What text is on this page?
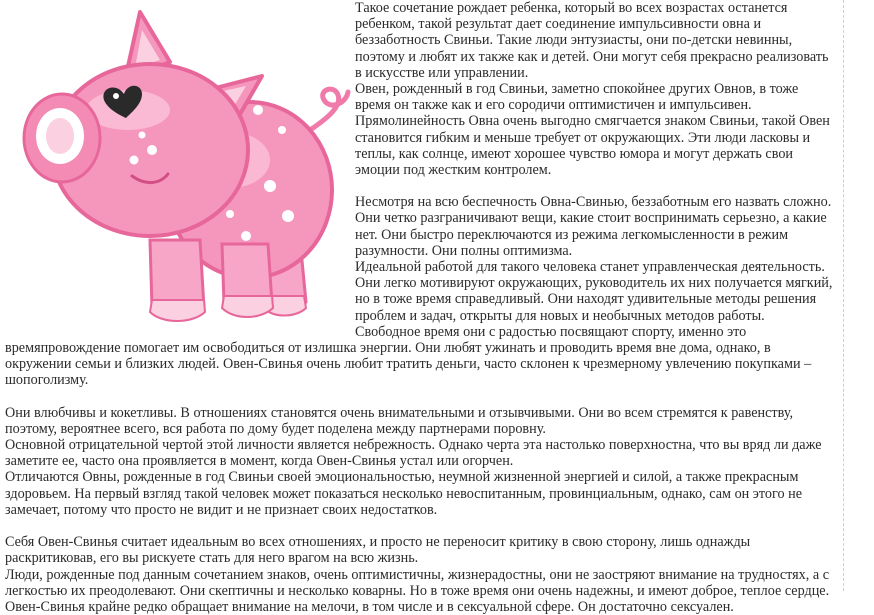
Такое сочетание рождает ребенка, который во всех возрастах останется ребенком, такой результат дает соединение импульсивности овна и беззаботность Свиньи. Такие люди энтузиасты, они по-детски невинны, поэтому и любят их также как и детей. Они могут себя прекрасно реализовать в искусстве или управлении.

Овен, рожденный в год Свиньи, заметно спокойнее других Овнов, в тоже время он также как и его сородичи оптимистичен и импульсивен.

Прямолинейность Овна очень выгодно смягчается знаком Свиньи, такой Овен становится гибким и меньше требует от окружающих. Эти люди ласковы и теплы, как солнце, имеют хорошее чувство юмора и могут держать свои эмоции под жестким контролем.

Несмотря на всю беспечность Овна-Свинью, беззаботным его назвать сложно. Они четко разграничивают вещи, какие стоит воспринимать серьезно, а какие нет. Они быстро переключаются из режима легкомысленности в режим разумности. Они полны оптимизма.

Идеальной работой для такого человека станет управленческая деятельность. Они легко мотивируют окружающих, руководитель их них получается мягкий, но в тоже время справедливый. Они находят удивительные методы решения проблем и задач, открыты для новых и необычных методов работы.

Свободное время они с радостью посвящают спорту, именно это времяпровождение помогает им освободиться от излишка энергии. Они любят ужинать и проводить время вне дома, однако, в окружении семьи и близких людей. Овен-Свинья очень любит тратить деньги, часто склонен к чрезмерному увлечению покупками – шопоголизму.

Они влюбчивы и кокетливы. В отношениях становятся очень внимательными и отзывчивыми. Они во всем стремятся к равенству, поэтому, вероятнее всего, вся работа по дому будет поделена между партнерами поровну.

Основной отрицательной чертой этой личности является небрежность. Однако черта эта настолько поверхностна, что вы вряд ли даже заметите ее, часто она проявляется в момент, когда Овен-Свинья устал или огорчен.

Отличаются Овны, рожденные в год Свиньи своей эмоциональностью, неумной жизненной энергией и силой, а также прекрасным здоровьем. На первый взгляд такой человек может показаться несколько невоспитанным, провинциальным, однако, сам он этого не замечает, потому что просто не видит и не признает своих недостатков.

Себя Овен-Свинья считает идеальным во всех отношениях, и просто не переносит критику в свою сторону, лишь однажды раскритиковав, его вы рискуете стать для него врагом на всю жизнь.

Люди, рожденные под данным сочетанием знаков, очень оптимистичны, жизнерадостны, они не заостряют внимание на трудностях, а с легкостью их преодолевают. Они скептичны и несколько коварны. Но в тоже время они очень надежны, и имеют доброе, теплое сердце.

Овен-Свинья крайне редко обращает внимание на мелочи, в том числе и в сексуальной сфере. Он достаточно сексуален.
